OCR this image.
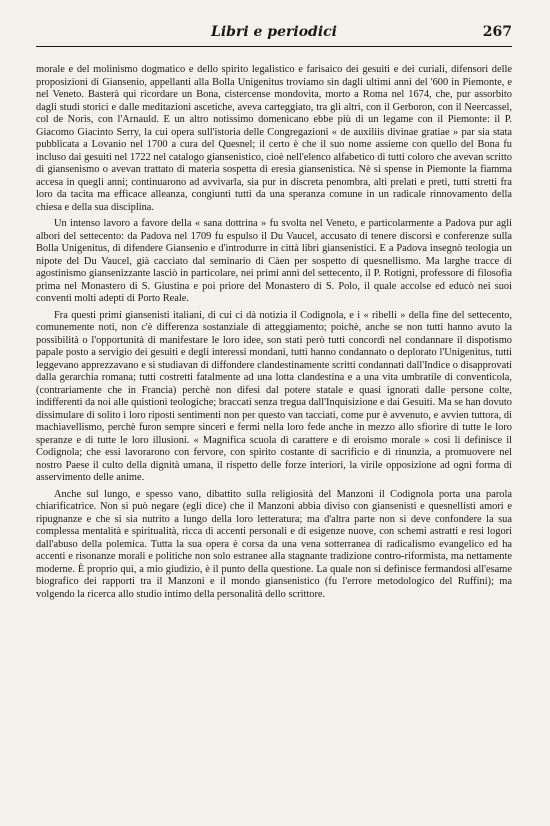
Libri e periodici	267

morale e del molinismo dogmatico e dello spirito legalistico e farisaico dei gesuiti e dei curiali, difensori delle proposizioni di Giansenio, appellanti alla Bolla Unigenitus troviamo sin dagli ultimi anni del '600 in Piemonte, e nel Veneto. Basterà qui ricordare un Bona, cistercense mondovita, morto a Roma nel 1674, che, pur assorbito dagli studi storici e dalle meditazioni ascetiche, aveva carteggiato, tra gli altri, con il Gerboron, con il Neercassel, col de Noris, con l'Arnauld. E un altro notissimo domenicano ebbe più di un legame con il Piemonte: il P. Giacomo Giacinto Serry, la cui opera sull'istoria delle Congregazioni « de auxiliis divinae gratiae » par sia stata pubblicata a Lovanio nel 1700 a cura del Quesnel; il certo è che il suo nome assieme con quello del Bona fu incluso dai gesuiti nel 1722 nel catalogo giansenistico, cioè nell'elenco alfabetico di tutti coloro che avevan scritto di giansenismo o avevan trattato di materia sospetta di eresia giansenistica. Nè si spense in Piemonte la fiamma accesa in quegli anni; continuarono ad avvivarla, sia pur in discreta penombra, alti prelati e preti, tutti stretti fra loro da tacita ma efficace alleanza, congiunti tutti da una speranza comune in un radicale rinnovamento della chiesa e della sua disciplina.

Un intenso lavoro a favore della « sana dottrina » fu svolta nel Veneto, e particolarmente a Padova pur agli albori del settecento: da Padova nel 1709 fu espulso il Du Vaucel, accusato di tenere discorsi e conferenze sulla Bolla Unigenitus, di difendere Giansenio e d'introdurre in città libri giansenistici. E a Padova insegnò teologia un nipote del Du Vaucel, già cacciato dal seminario di Càen per sospetto di quesnellismo. Ma larghe tracce di agostinismo giansenizzante lasciò in particolare, nei primi anni del settecento, il P. Rotigni, professore di filosofia prima nel Monastero di S. Giustina e poi priore del Monastero di S. Polo, il quale accolse ed educò nei suoi conventi molti adepti di Porto Reale.

Fra questi primi giansenisti italiani, di cui ci dà notizia il Codignola, e i « ribelli » della fine del settecento, comunemente noti, non c'è differenza sostanziale di atteggiamento; poichè, anche se non tutti hanno avuto la possibilità o l'opportunità di manifestare le loro idee, son stati però tutti concordi nel condannare il dispotismo papale posto a servigio dei gesuiti e degli interessi mondani, tutti hanno condannato o deplorato l'Unigenitus, tutti leggevano apprezzavano e si studiavan di diffondere clandestinamente scritti condannati dall'Indice o disapprovati dalla gerarchia romana; tutti costretti fatalmente ad una lotta clandestina e a una vita umbratile di conventicola, (contrariamente che in Francia) perchè non difesi dal potere statale e quasi ignorati dalle persone colte, indifferenti da noi alle quistioni teologiche; braccati senza tregua dall'Inquisizione e dai Gesuiti. Ma se han dovuto dissimulare di solito i loro riposti sentimenti non per questo van tacciati, come pur è avvenuto, e avvien tuttora, di machiavellismo, perchè furon sempre sinceri e fermi nella loro fede anche in mezzo allo sfiorire di tutte le loro speranze e di tutte le loro illusioni. « Magnifica scuola di carattere e di eroismo morale » così li definisce il Codignola; che essi lavorarono con fervore, con spirito costante di sacrificio e di rinunzia, a promuovere nel nostro Paese il culto della dignità umana, il rispetto delle forze interiori, la virile opposizione ad ogni forma di asservimento delle anime.

Anche sul lungo, e spesso vano, dibattito sulla religiosità del Manzoni il Codignola porta una parola chiarificatrice. Non si può negare (egli dice) che il Manzoni abbia diviso con giansenisti e quesnellisti amori e ripugnanze e che si sia nutrito a lungo della loro letteratura; ma d'altra parte non si deve confondere la sua complessa mentalità e spiritualità, ricca di accenti personali e di esigenze nuove, con schemi astratti e resi logori dall'abuso della polemica. Tutta la sua opera è corsa da una vena sotterranea di radicalismo evangelico ed ha accenti e risonanze morali e politiche non solo estranee alla stagnante tradizione contro-riformista, ma nettamente moderne. È proprio qui, a mio giudizio, è il punto della questione. La quale non si definisce fermandosi all'esame biografico dei rapporti tra il Manzoni e il mondo giansenistico (fu l'errore metodologico del Ruffini); ma volgendo la ricerca allo studio intimo della personalità dello scrittore.
